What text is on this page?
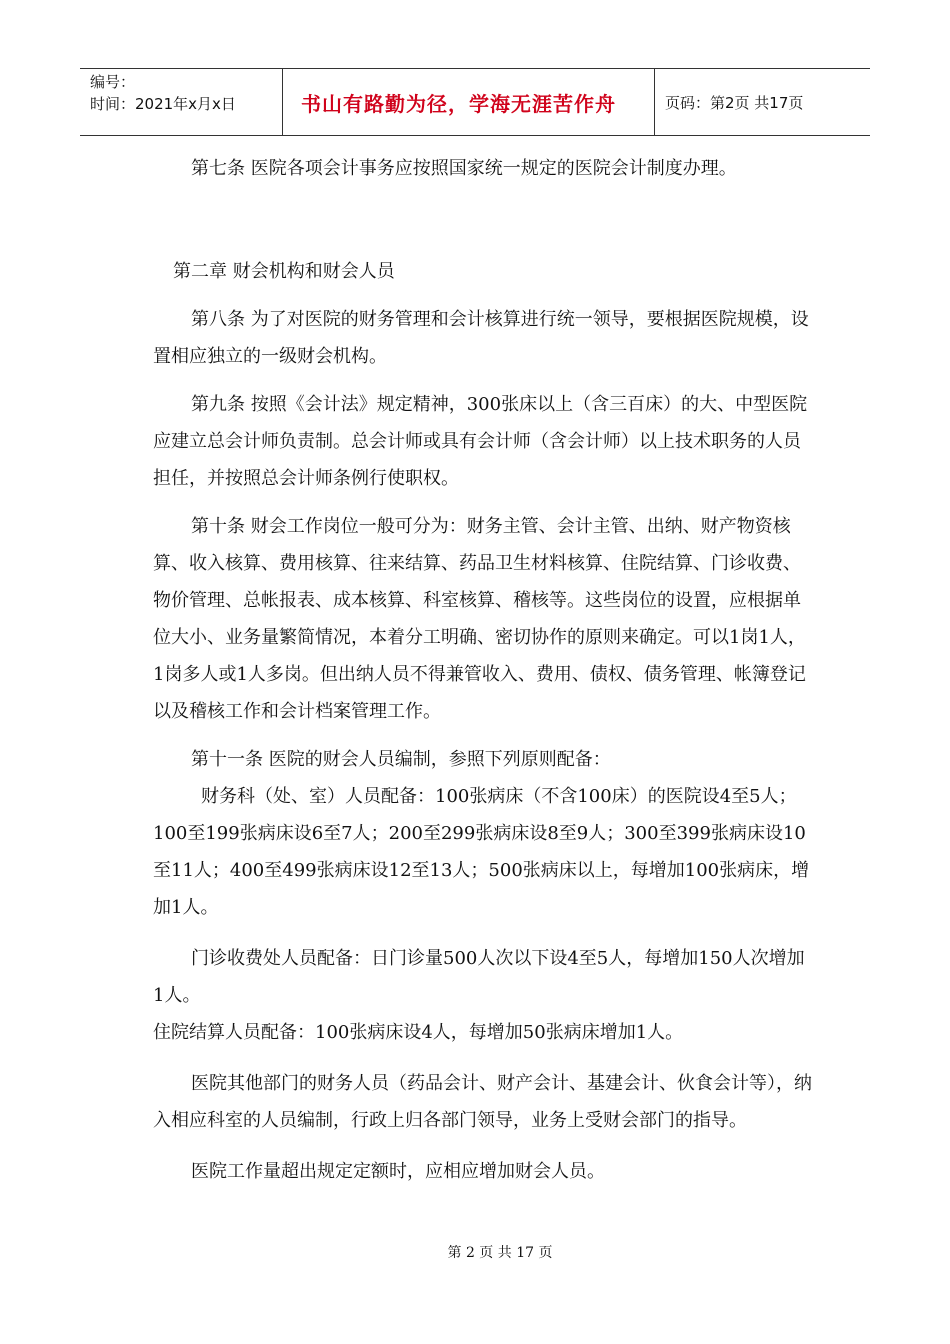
编号：
时间：2021年x月x日	书山有路勤为径，学海无涯苦作舟	页码：第2页 共17页

第七条 医院各项会计事务应按照国家统一规定的医院会计制度办理。

第二章 财会机构和财会人员

第八条 为了对医院的财务管理和会计核算进行统一领导，要根据医院规模，设置相应独立的一级财会机构。

第九条 按照《会计法》规定精神，300张床以上（含三百床）的大、中型医院应建立总会计师负责制。总会计师或具有会计师（含会计师）以上技术职务的人员担任，并按照总会计师条例行使职权。

第十条 财会工作岗位一般可分为：财务主管、会计主管、出纳、财产物资核算、收入核算、费用核算、往来结算、药品卫生材料核算、住院结算、门诊收费、物价管理、总帐报表、成本核算、科室核算、稽核等。这些岗位的设置，应根据单位大小、业务量繁简情况，本着分工明确、密切协作的原则来确定。可以1岗1人，1岗多人或1人多岗。但出纳人员不得兼管收入、费用、债权、债务管理、帐簿登记以及稽核工作和会计档案管理工作。

第十一条 医院的财会人员编制，参照下列原则配备：

财务科（处、室）人员配备：100张病床（不含100床）的医院设4至5人；100至199张病床设6至7人；200至299张病床设8至9人；300至399张病床设10至11人；400至499张病床设12至13人；500张病床以上，每增加100张病床，增加1人。

门诊收费处人员配备：日门诊量500人次以下设4至5人，每增加150人次增加1人。

住院结算人员配备：100张病床设4人，每增加50张病床增加1人。

医院其他部门的财务人员（药品会计、财产会计、基建会计、伙食会计等），纳入相应科室的人员编制，行政上归各部门领导，业务上受财会部门的指导。

医院工作量超出规定定额时，应相应增加财会人员。

第 2 页 共 17 页
